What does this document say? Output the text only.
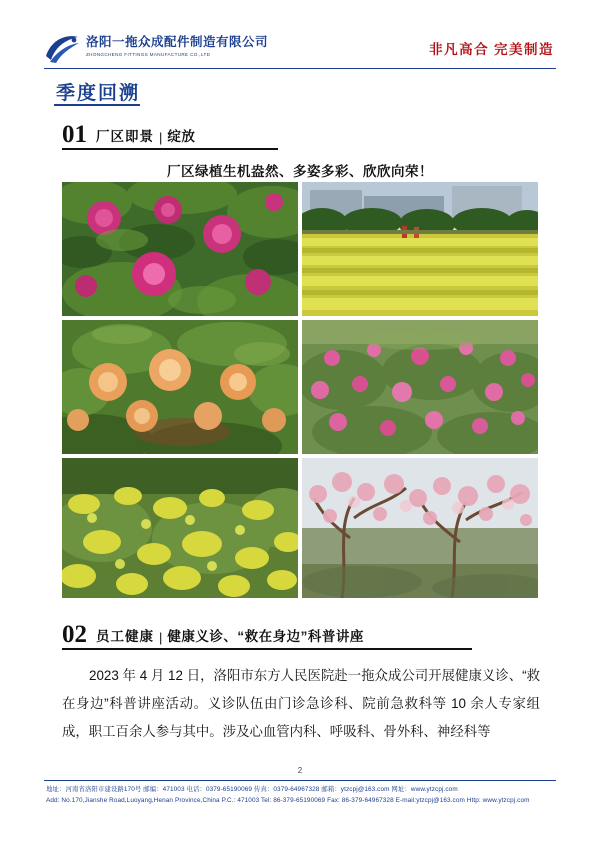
洛阳一拖众成配件制造有限公司
ZHONGCHENG FITTINGS MANUFACTURE CO.,LTD	非凡高合 完美制造
季度回溯
01 厂区即景 | 绽放
厂区绿植生机盎然、多姿多彩、欣欣向荣！
02 员工健康 | 健康义诊、“救在身边”科普讲座
2023 年 4 月 12 日，洛阳市东方人民医院赴一拖众成公司开展健康义诊、“救在身边”科普讲座活动。义诊队伍由门诊急诊科、院前急救科等 10 余人专家组成，职工百余人参与其中。涉及心血管内科、呼吸科、骨外科、神经科等
2
地址：河南省洛阳市建设路170号 邮编：471003 电话：0379-65190069 传真：0379-64967328 邮箱：ytzcpj@163.com 网址：www.ytzcpj.com
Add: No.170,Jianshe Road,Luoyang,Henan Province,China P.C.: 471003 Tel: 86-379-65190069 Fax: 86-379-64967328 E-mail:ytzcpj@163.com Http: www.ytzcpj.com
